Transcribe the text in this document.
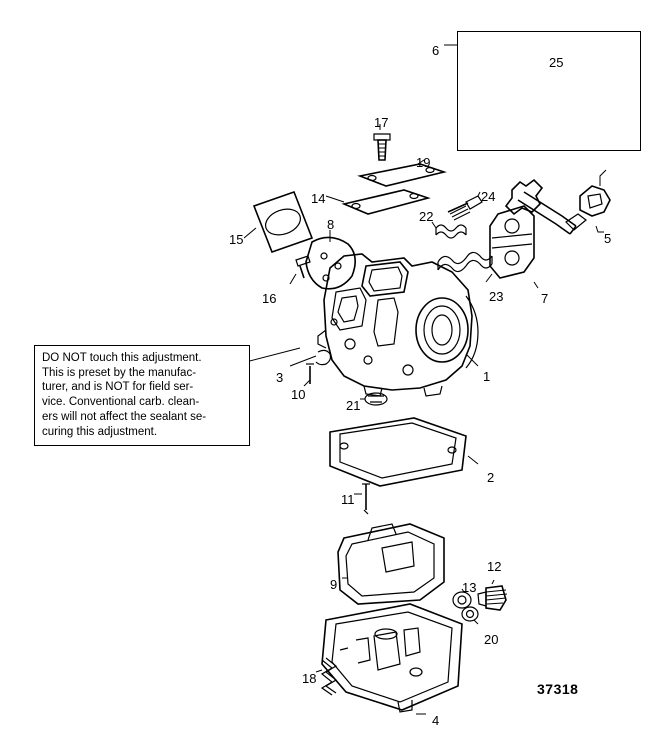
DO NOT touch this adjustment.
This is preset by the manufac-
turer, and is NOT for field ser-
vice. Conventional carb. clean-
ers will not affect the sealant se-
curing this adjustment.
1
2
3
4
5
6
7
8
9
10
11
12
13
14
15
16
17
18
19
20
21
22
23
24
25
37318
